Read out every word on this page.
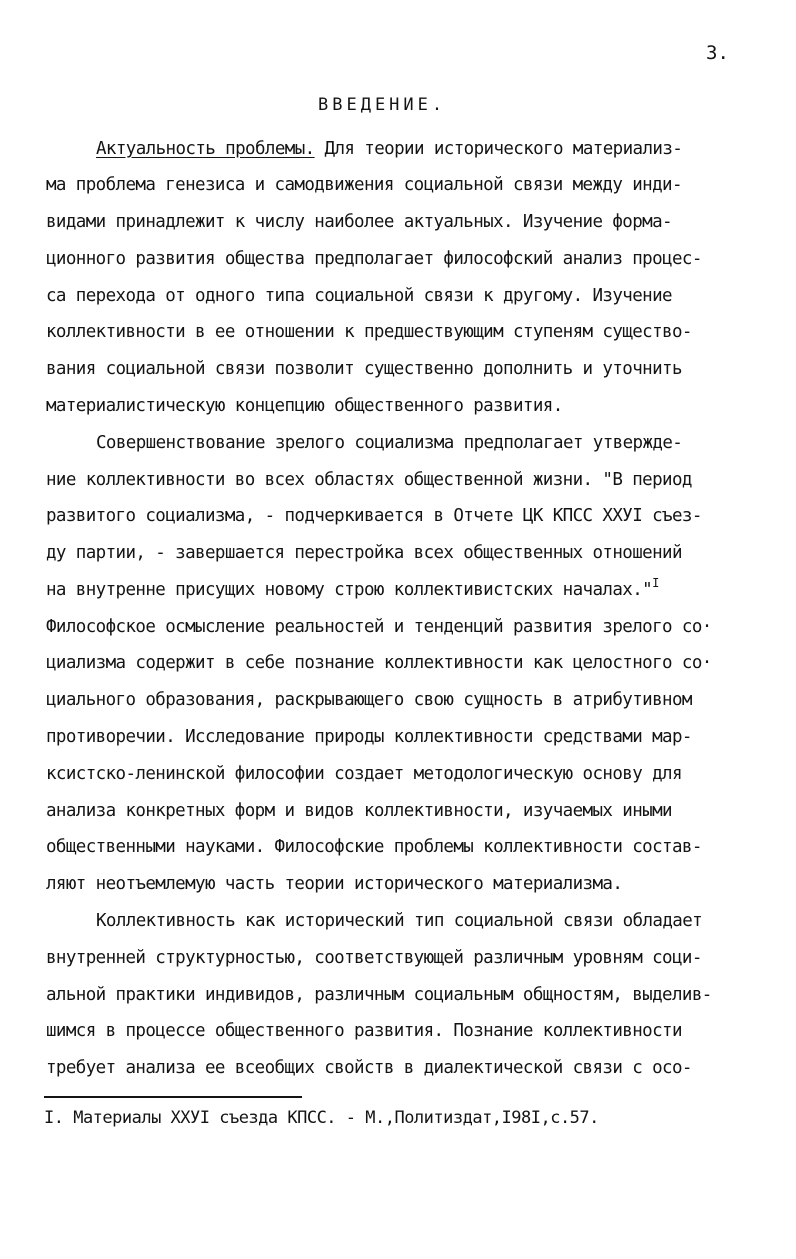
3.
ВВЕДЕНИЕ.
Актуальность проблемы. Для теории исторического материализ-
ма проблема генезиса и самодвижения социальной связи между инди-
видами принадлежит к числу наиболее актуальных. Изучение форма-
ционного развития общества предполагает философский анализ процес-
са перехода от одного типа социальной связи к другому. Изучение
коллективности в ее отношении к предшествующим ступеням существо-
вания социальной связи позволит существенно дополнить и уточнить
материалистическую концепцию общественного развития.
Совершенствование зрелого социализма предполагает утвержде-
ние коллективности во всех областях общественной жизни. "В период
развитого социализма, - подчеркивается в Отчете ЦК КПСС ХХУI съез-
ду партии, - завершается перестройка всех общественных отношений
на внутренне присущих новому строю коллективистских началах."$^I$
Философское осмысление реальностей и тенденций развития зрелого со·
циализма содержит в себе познание коллективности как целостного со·
циального образования, раскрывающего свою сущность в атрибутивном
противоречии. Исследование природы коллективности средствами мар-
ксистско-ленинской философии создает методологическую основу для
анализа конкретных форм и видов коллективности, изучаемых иными
общественными науками. Философские проблемы коллективности состав-
ляют неотъемлемую часть теории исторического материализма.
Коллективность как исторический тип социальной связи обладает
внутренней структурностью, соответствующей различным уровням соци-
альной практики индивидов, различным социальным общностям, выделив-
шимся в процессе общественного развития. Познание коллективности
требует анализа ее всеобщих свойств в диалектической связи с осо-
I. Материалы ХХУI съезда КПСС. - М.,Политиздат,I98I,с.57.
